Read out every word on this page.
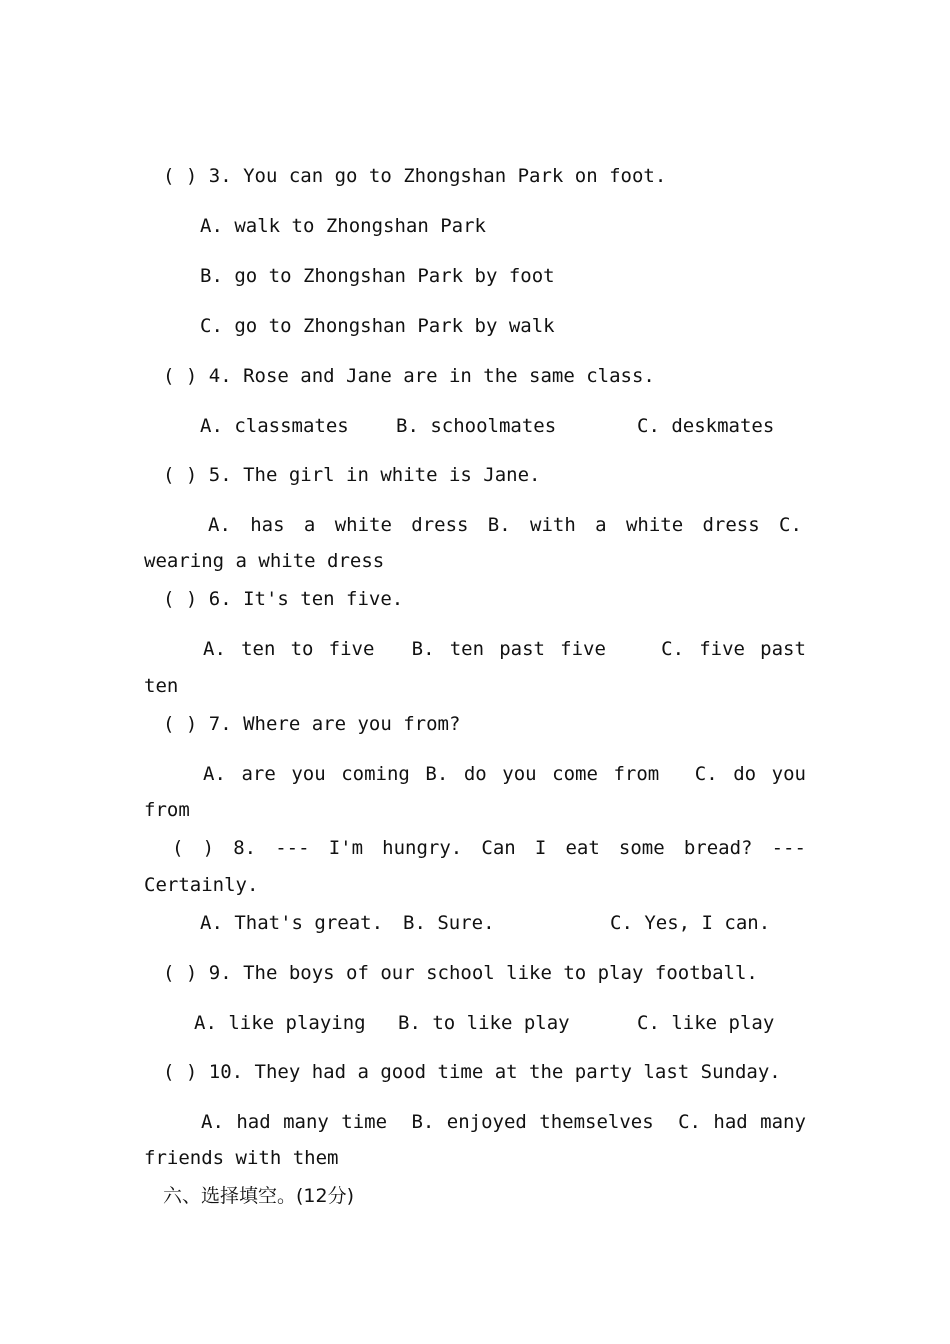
( ) 3. You can go to Zhongshan Park on foot.
A. walk to Zhongshan Park
B. go to Zhongshan Park by foot
C. go to Zhongshan Park by walk
( ) 4. Rose and Jane are in the same class.
A. classmates B. schoolmates	C. deskmates
( ) 5. The girl in white is Jane.
A. has a white dress B. with a white dress C.
wearing a white dress
( ) 6. It's ten five.
A. ten to five B. ten past five	C. five past
ten
( ) 7. Where are you from?
A. are you coming B. do you come from C. do you
from
( ) 8. --- I'm hungry. Can I eat some bread? ---
Certainly.
A. That's great. B. Sure.	C. Yes, I can.
( ) 9. The boys of our school like to play football.
A. like playing B. to like play	C. like play
( ) 10. They had a good time at the party last Sunday.
A. had many time B. enjoyed themselves C. had many
friends with them
六、选择填空。(12分)
